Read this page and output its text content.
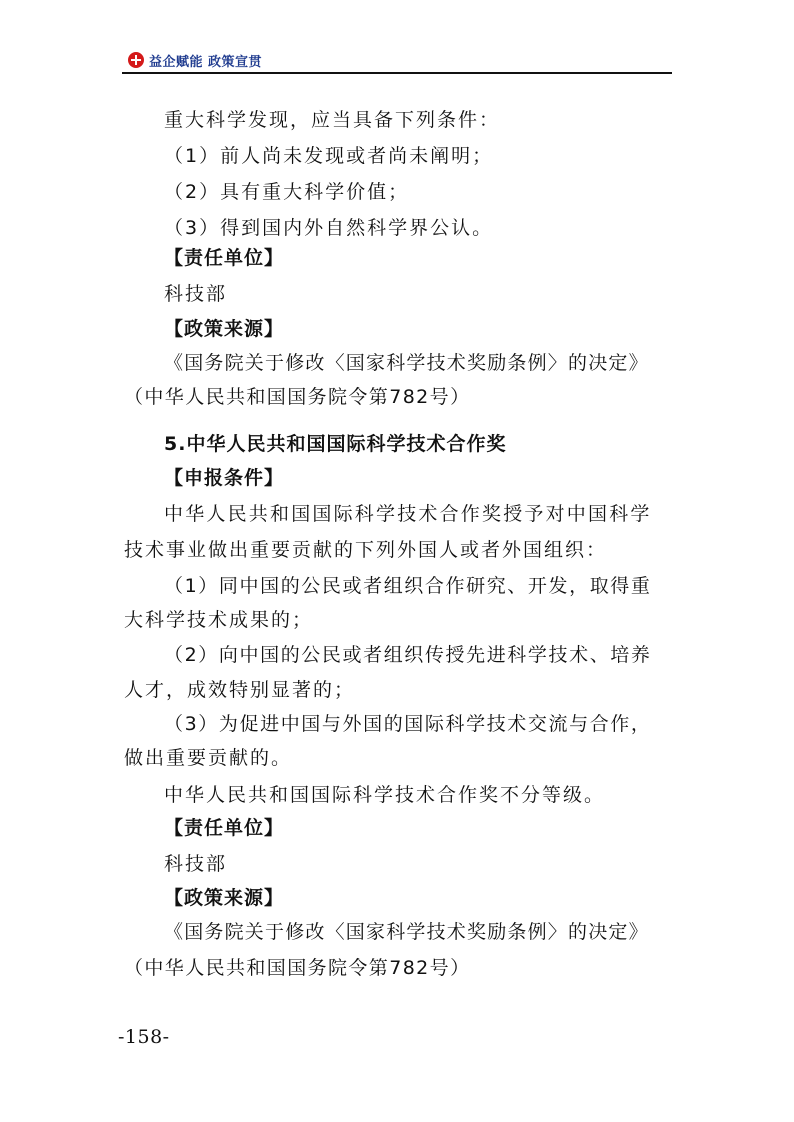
益企赋能 政策宣贯
重大科学发现，应当具备下列条件：
（1）前人尚未发现或者尚未阐明；
（2）具有重大科学价值；
（3）得到国内外自然科学界公认。
【责任单位】
科技部
【政策来源】
《国务院关于修改〈国家科学技术奖励条例〉的决定》
（中华人民共和国国务院令第782号）
5.中华人民共和国国际科学技术合作奖
【申报条件】
中华人民共和国国际科学技术合作奖授予对中国科学
技术事业做出重要贡献的下列外国人或者外国组织：
（1）同中国的公民或者组织合作研究、开发，取得重
大科学技术成果的；
（2）向中国的公民或者组织传授先进科学技术、培养
人才，成效特别显著的；
（3）为促进中国与外国的国际科学技术交流与合作，
做出重要贡献的。
中华人民共和国国际科学技术合作奖不分等级。
【责任单位】
科技部
【政策来源】
《国务院关于修改〈国家科学技术奖励条例〉的决定》
（中华人民共和国国务院令第782号）
-158-
